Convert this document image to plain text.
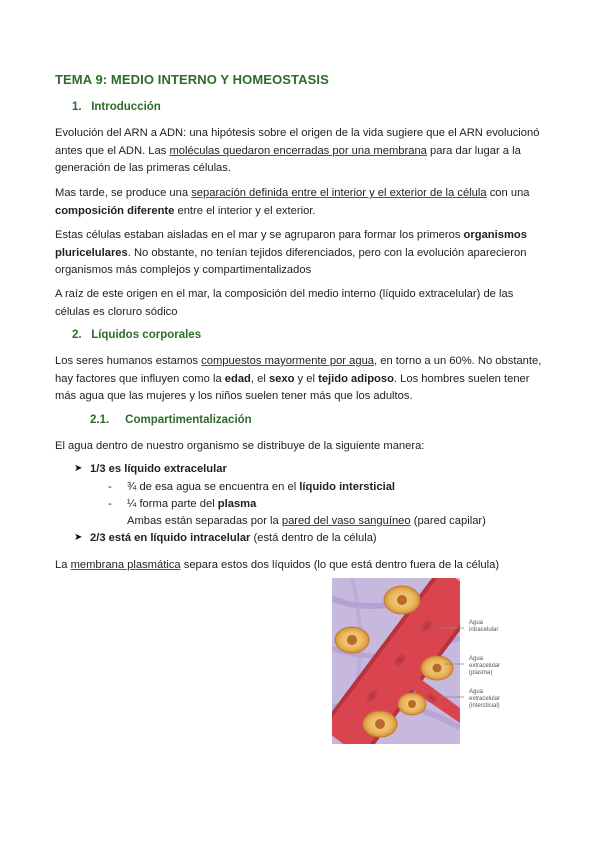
TEMA 9: MEDIO INTERNO Y HOMEOSTASIS
1. Introducción
Evolución del ARN a ADN: una hipótesis sobre el origen de la vida sugiere que el ARN evolucionó antes que el ADN. Las moléculas quedaron encerradas por una membrana para dar lugar a la generación de las primeras células.
Mas tarde, se produce una separación definida entre el interior y el exterior de la célula con una composición diferente entre el interior y el exterior.
Estas células estaban aisladas en el mar y se agruparon para formar los primeros organismos pluricelulares. No obstante, no tenían tejidos diferenciados, pero con la evolución aparecieron organismos más complejos y compartimentalizados
A raíz de este origen en el mar, la composición del medio interno (líquido extracelular) de las células es cloruro sódico
2. Líquidos corporales
Los seres humanos estamos compuestos mayormente por agua, en torno a un 60%. No obstante, hay factores que influyen como la edad, el sexo y el tejido adiposo. Los hombres suelen tener más agua que las mujeres y los niños suelen tener más que los adultos.
2.1. Compartimentalización
El agua dentro de nuestro organismo se distribuye de la siguiente manera:
➤ 1/3 es líquido extracelular
- ¾ de esa agua se encuentra en el líquido intersticial
- ¼ forma parte del plasma
Ambas están separadas por la pared del vaso sanguíneo (pared capilar)
➤ 2/3 está en líquido intracelular (está dentro de la célula)
La membrana plasmática separa estos dos líquidos (lo que está dentro fuera de la célula)
Agua
intracelular
Agua
extracelular
(plasma)
Agua
extracelular
(intersticial)
